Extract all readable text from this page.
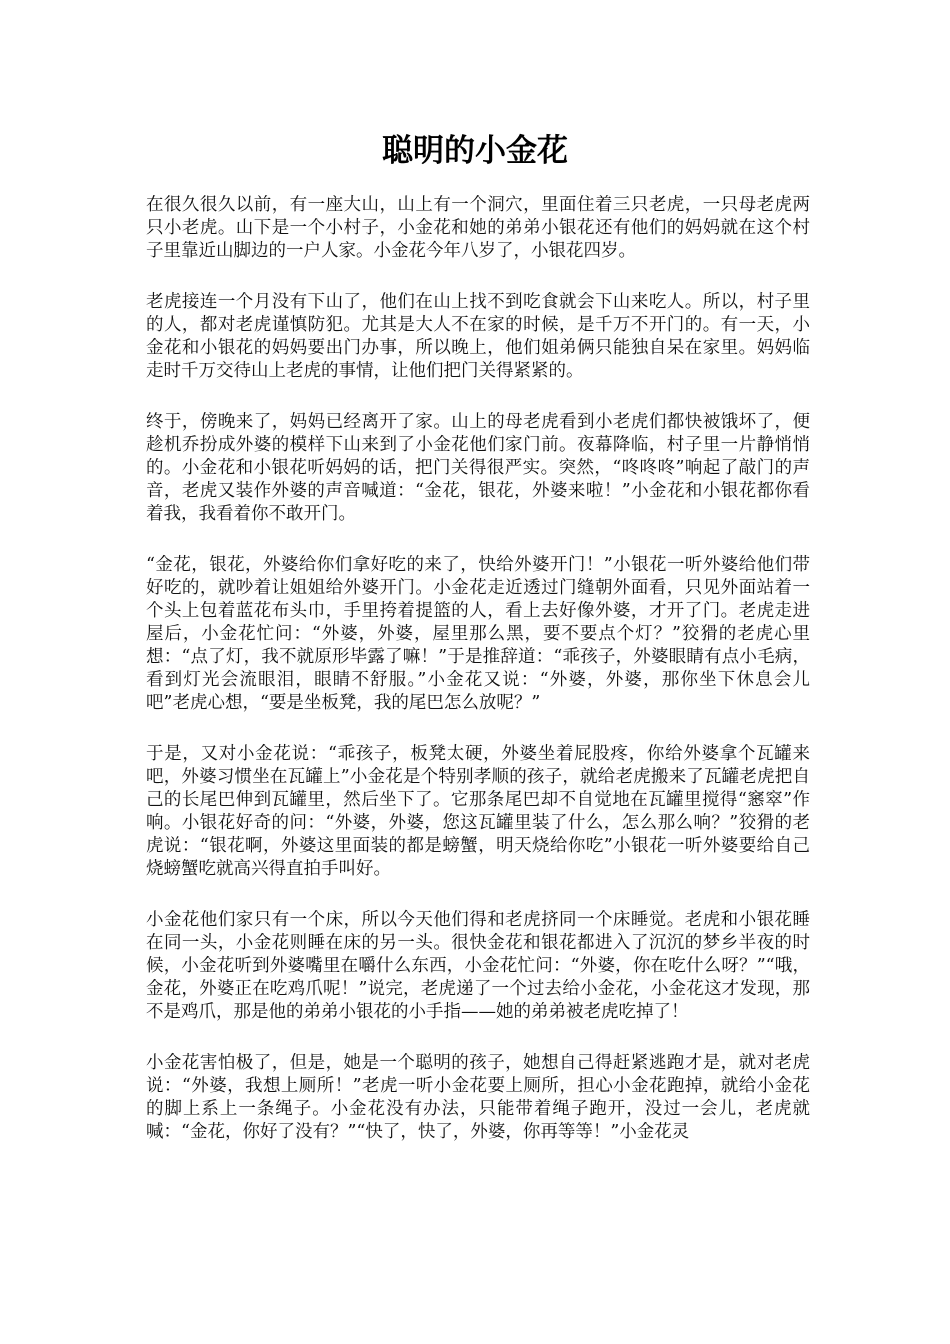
聪明的小金花

在很久很久以前，有一座大山，山上有一个洞穴，里面住着三只老虎，一只母老虎两只小老虎。山下是一个小村子，小金花和她的弟弟小银花还有他们的妈妈就在这个村子里靠近山脚边的一户人家。小金花今年八岁了，小银花四岁。

老虎接连一个月没有下山了，他们在山上找不到吃食就会下山来吃人。所以，村子里的人，都对老虎谨慎防犯。尤其是大人不在家的时候，是千万不开门的。有一天，小金花和小银花的妈妈要出门办事，所以晚上，他们姐弟俩只能独自呆在家里。妈妈临走时千万交待山上老虎的事情，让他们把门关得紧紧的。

终于，傍晚来了，妈妈已经离开了家。山上的母老虎看到小老虎们都快被饿坏了，便趁机乔扮成外婆的模样下山来到了小金花他们家门前。夜幕降临，村子里一片静悄悄的。小金花和小银花听妈妈的话，把门关得很严实。突然，“咚咚咚”响起了敲门的声音，老虎又装作外婆的声音喊道：“金花，银花，外婆来啦！”小金花和小银花都你看着我，我看着你不敢开门。

“金花，银花，外婆给你们拿好吃的来了，快给外婆开门！”小银花一听外婆给他们带好吃的，就吵着让姐姐给外婆开门。小金花走近透过门缝朝外面看，只见外面站着一个头上包着蓝花布头巾，手里挎着提篮的人，看上去好像外婆，才开了门。老虎走进屋后，小金花忙问：“外婆，外婆，屋里那么黑，要不要点个灯？”狡猾的老虎心里想：“点了灯，我不就原形毕露了嘛！”于是推辞道：“乖孩子，外婆眼睛有点小毛病，看到灯光会流眼泪，眼睛不舒服。”小金花又说：“外婆，外婆，那你坐下休息会儿吧”老虎心想，“要是坐板凳，我的尾巴怎么放呢？”

于是，又对小金花说：“乖孩子，板凳太硬，外婆坐着屁股疼，你给外婆拿个瓦罐来吧，外婆习惯坐在瓦罐上”小金花是个特别孝顺的孩子，就给老虎搬来了瓦罐老虎把自己的长尾巴伸到瓦罐里，然后坐下了。它那条尾巴却不自觉地在瓦罐里搅得“窸窣”作响。小银花好奇的问：“外婆，外婆，您这瓦罐里装了什么，怎么那么响？”狡猾的老虎说：“银花啊，外婆这里面装的都是螃蟹，明天烧给你吃”小银花一听外婆要给自己烧螃蟹吃就高兴得直拍手叫好。

小金花他们家只有一个床，所以今天他们得和老虎挤同一个床睡觉。老虎和小银花睡在同一头，小金花则睡在床的另一头。很快金花和银花都进入了沉沉的梦乡半夜的时候，小金花听到外婆嘴里在嚼什么东西，小金花忙问：“外婆，你在吃什么呀？”“哦，金花，外婆正在吃鸡爪呢！”说完，老虎递了一个过去给小金花，小金花这才发现，那不是鸡爪，那是他的弟弟小银花的小手指——她的弟弟被老虎吃掉了！

小金花害怕极了，但是，她是一个聪明的孩子，她想自己得赶紧逃跑才是，就对老虎说：“外婆，我想上厕所！”老虎一听小金花要上厕所，担心小金花跑掉，就给小金花的脚上系上一条绳子。小金花没有办法，只能带着绳子跑开，没过一会儿，老虎就喊：“金花，你好了没有？”“快了，快了，外婆，你再等等！”小金花灵
